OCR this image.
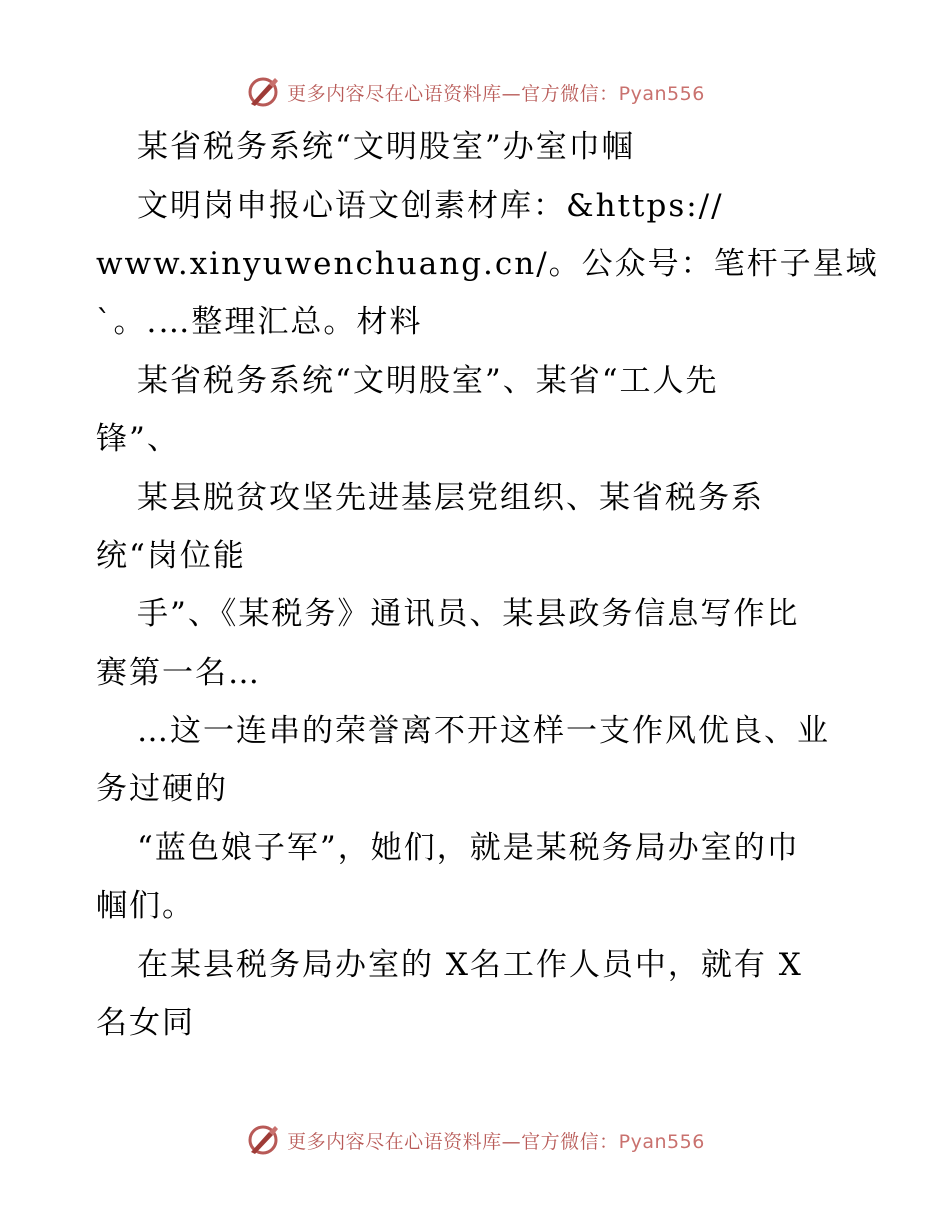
更多内容尽在心语资料库—官方微信：Pyan556
某省税务系统“文明股室”办室巾帼
文明岗申报心语文创素材库：&https://
www.xinyuwenchuang.cn/。公众号：笔杆子星域
`。.…整理汇总。材料
某省税务系统“文明股室”、某省“工人先
锋”、
某县脱贫攻坚先进基层党组织、某省税务系
统“岗位能
手”、《某税务》通讯员、某县政务信息写作比
赛第一名…
…这一连串的荣誉离不开这样一支作风优良、业
务过硬的
“蓝色娘子军”，她们，就是某税务局办室的巾
帼们。
在某县税务局办室的 X名工作人员中，就有 X
名女同
更多内容尽在心语资料库—官方微信：Pyan556
